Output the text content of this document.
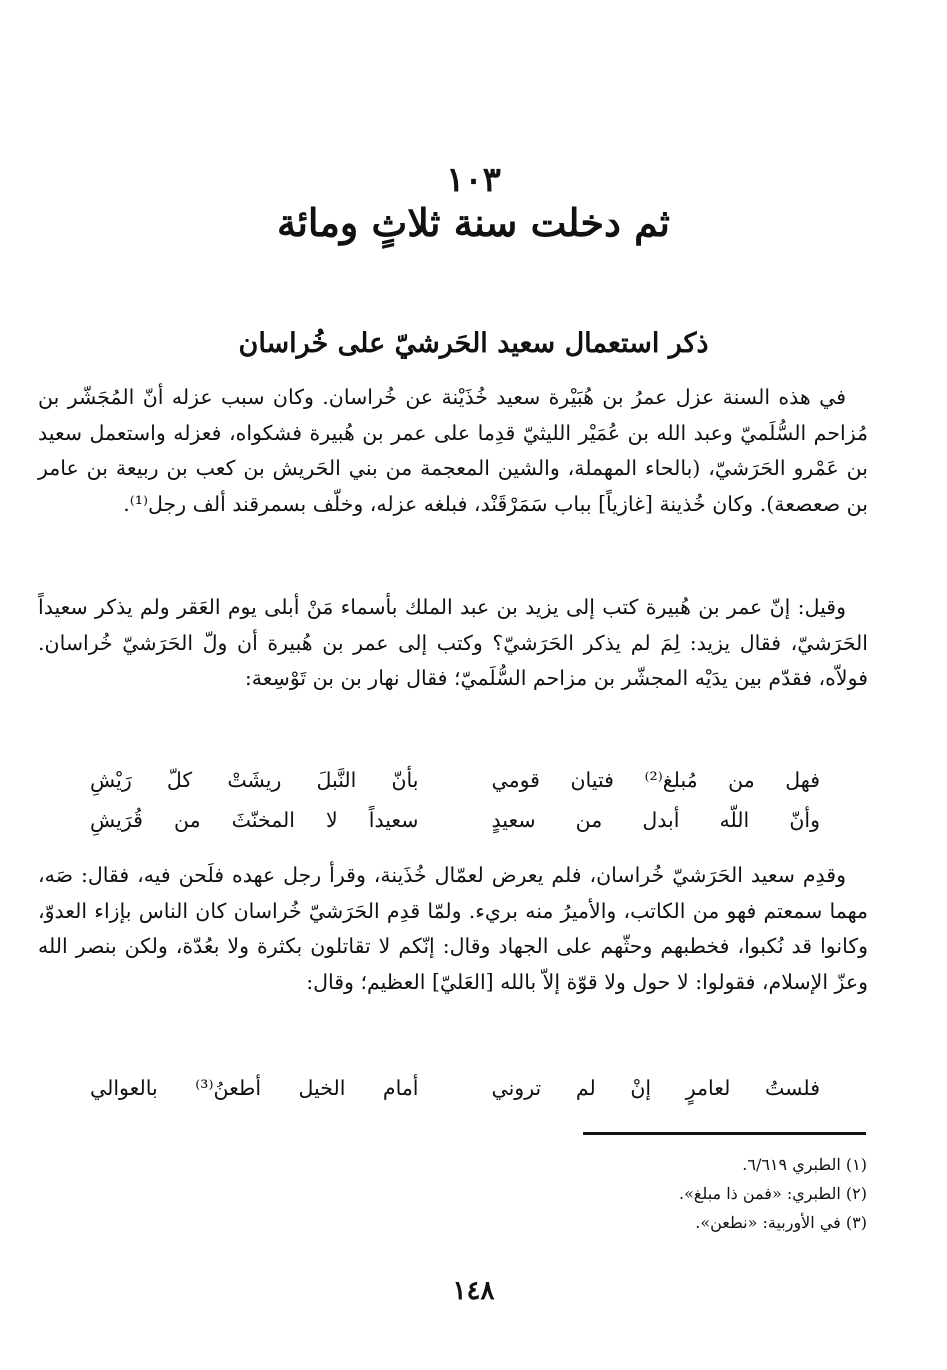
١٠٣
ثم دخلت سنة ثلاثٍ ومائة
ذكر استعمال سعيد الحَرشيّ على خُراسان

في هذه السنة عزل عمرُ بن هُبَيْرة سعيد خُذَيْنة عن خُراسان. وكان سبب عزله أنّ المُجَشّر بن مُزاحم السُّلَميّ وعبد الله بن عُمَيْر الليثيّ قدِما على عمر بن هُبيرة فشكواه، فعزله واستعمل سعيد بن عَمْرو الحَرَشيّ، (بالحاء المهملة، والشين المعجمة من بني الحَريش بن كعب بن ربيعة بن عامر بن صعصعة). وكان خُذينة [غازياً] بباب سَمَرْقَنْد، فبلغه عزله، وخلّف بسمرقند ألف رجل⁽¹⁾.

وقيل: إنّ عمر بن هُبيرة كتب إلى يزيد بن عبد الملك بأسماء مَنْ أبلى يوم العَقر ولم يذكر سعيداً الحَرَشيّ، فقال يزيد: لِمَ لم يذكر الحَرَشيّ؟ وكتب إلى عمر بن هُبيرة أن ولّ الحَرَشيّ خُراسان. فولاّه، فقدّم بين يدَيْه المجشّر بن مزاحم السُّلَميّ؛ فقال نهار بن بن تَوْسِعة:

فهل من مُبلغ⁽²⁾ فتيان قومي
بأنّ النَّبلَ ريشَتْ كلّ رَيْشِ
وأنّ اللّه أبدل من سعيدٍ
سعيداً لا المخنّثَ من قُرَيشِ

وقدِم سعيد الحَرَشيّ خُراسان، فلم يعرض لعمّال خُذَينة، وقرأ رجل عهده فلَحن فيه، فقال: صَه، مهما سمعتم فهو من الكاتب، والأميرُ منه بريء. ولمّا قدِم الحَرَشيّ خُراسان كان الناس بإزاء العدوّ، وكانوا قد نُكبوا، فخطبهم وحثّهم على الجهاد وقال: إنّكم لا تقاتلون بكثرة ولا بعُدّة، ولكن بنصر الله وعزّ الإسلام، فقولوا: لا حول ولا قوّة إلاّ بالله [العَليّ] العظيم؛ وقال:

فلستُ لعامرٍ إنْ لم تروني
أمام الخيل أطعنُ⁽³⁾ بالعوالي
(١) الطبري ٦/٦١٩.
(٢) الطبري: «فمن ذا مبلغ».
(٣) في الأوربية: «نطعن».
١٤٨
